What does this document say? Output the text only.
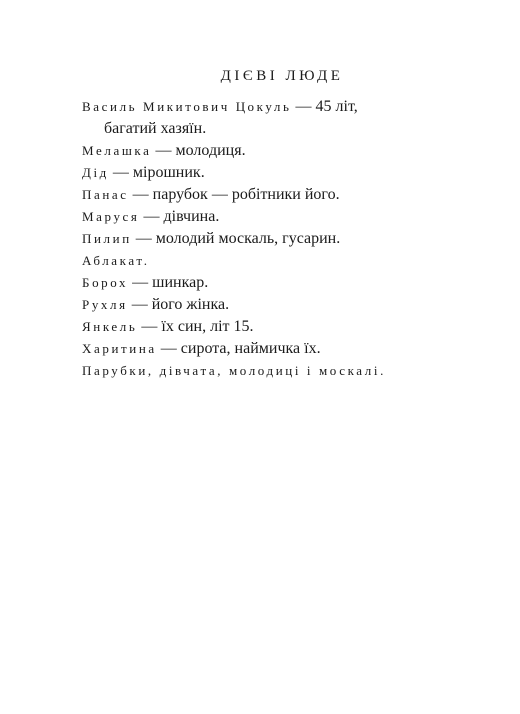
ДІЄВІ ЛЮДЕ

Василь Микитович Цокуль — 45 літ,
багатий хазяїн.

Мелашка — молодиця.

Дід — мірошник.

Панас — парубок — робітники його.

Маруся — дівчина.

Пилип — молодий москаль, гусарин.

Аблакат.

Борох — шинкар.

Рухля — його жінка.

Янкель — їх син, літ 15.

Харитина — сирота, наймичка їх.

Парубки, дівчата, молодиці і москалі.
